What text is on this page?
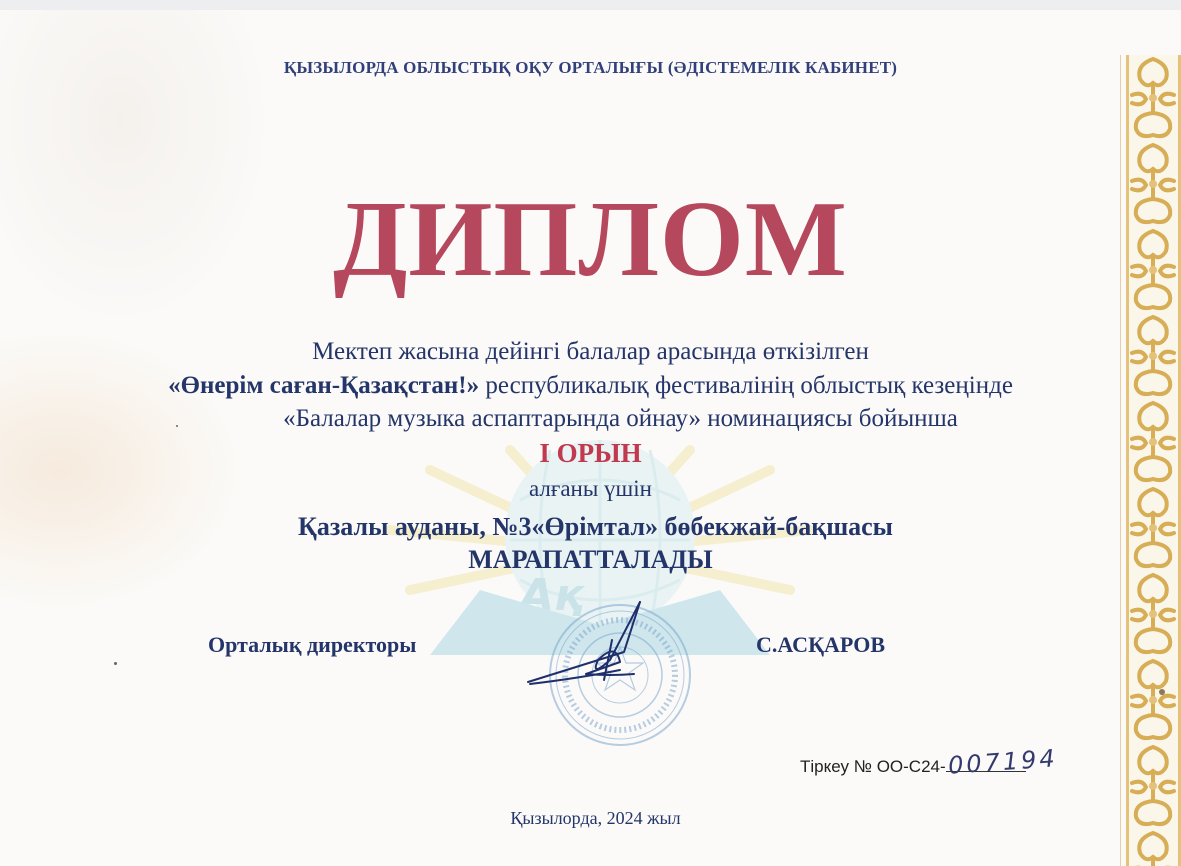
ҚЫЗЫЛОРДА ОБЛЫСТЫҚ ОҚУ ОРТАЛЫҒЫ (ӘДІСТЕМЕЛІК КАБИНЕТ)
ДИПЛОМ
Ақ
Мектеп жасына дейінгі балалар арасында өткізілген
«Өнерім саған-Қазақстан!» республикалық фестивалінің облыстық кезеңінде
«Балалар музыка аспаптарында ойнау» номинациясы бойынша
І ОРЫН
алғаны үшін
Қазалы ауданы, №3«Өрімтал» бөбекжай-бақшасы
МАРАПАТТАЛАДЫ
Орталық директоры	С.АСҚАРОВ
Тіркеу № ОО-С24- 007194
Қызылорда, 2024 жыл
